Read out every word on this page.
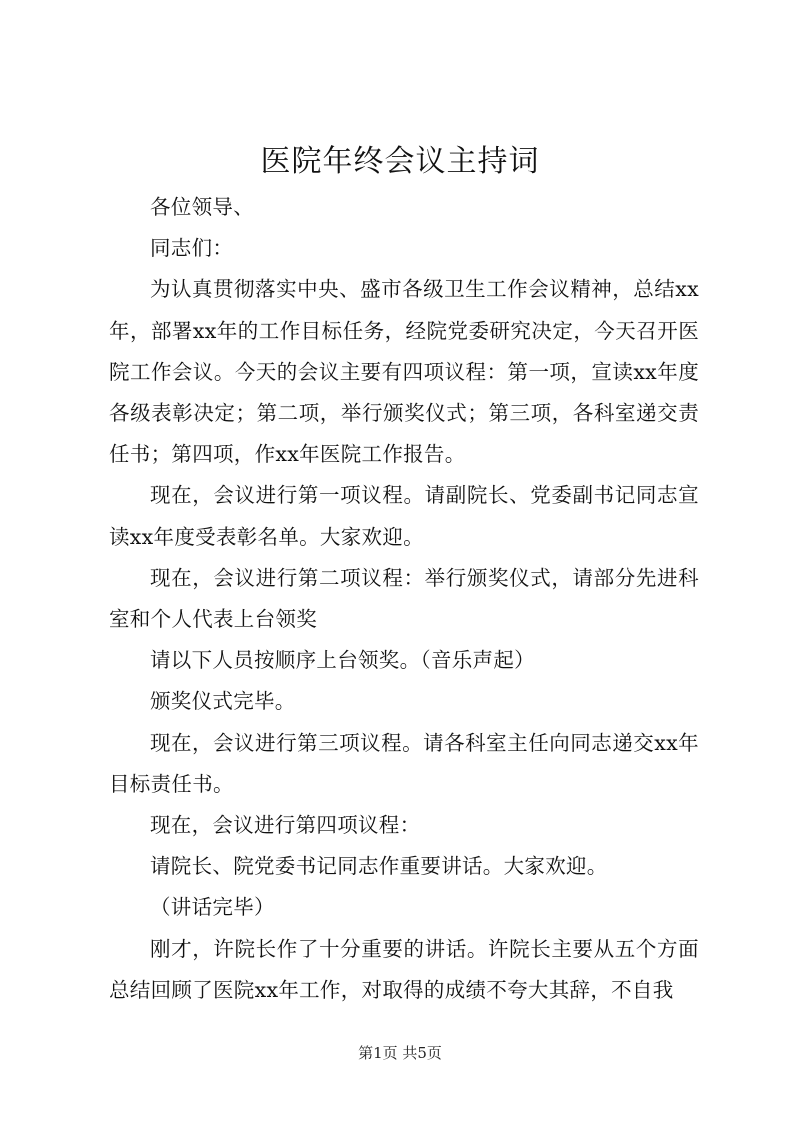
医院年终会议主持词

各位领导、

同志们：

为认真贯彻落实中央、盛市各级卫生工作会议精神，总结xx年，部署xx年的工作目标任务，经院党委研究决定，今天召开医院工作会议。今天的会议主要有四项议程：第一项，宣读xx年度各级表彰决定；第二项，举行颁奖仪式；第三项，各科室递交责任书；第四项，作xx年医院工作报告。

现在，会议进行第一项议程。请副院长、党委副书记同志宣读xx年度受表彰名单。大家欢迎。

现在，会议进行第二项议程：举行颁奖仪式，请部分先进科室和个人代表上台领奖

请以下人员按顺序上台领奖。（音乐声起）

颁奖仪式完毕。

现在，会议进行第三项议程。请各科室主任向同志递交xx年目标责任书。

现在，会议进行第四项议程：

请院长、院党委书记同志作重要讲话。大家欢迎。

（讲话完毕）

刚才，许院长作了十分重要的讲话。许院长主要从五个方面总结回顾了医院xx年工作，对取得的成绩不夸大其辞，不自我

第1页 共5页
